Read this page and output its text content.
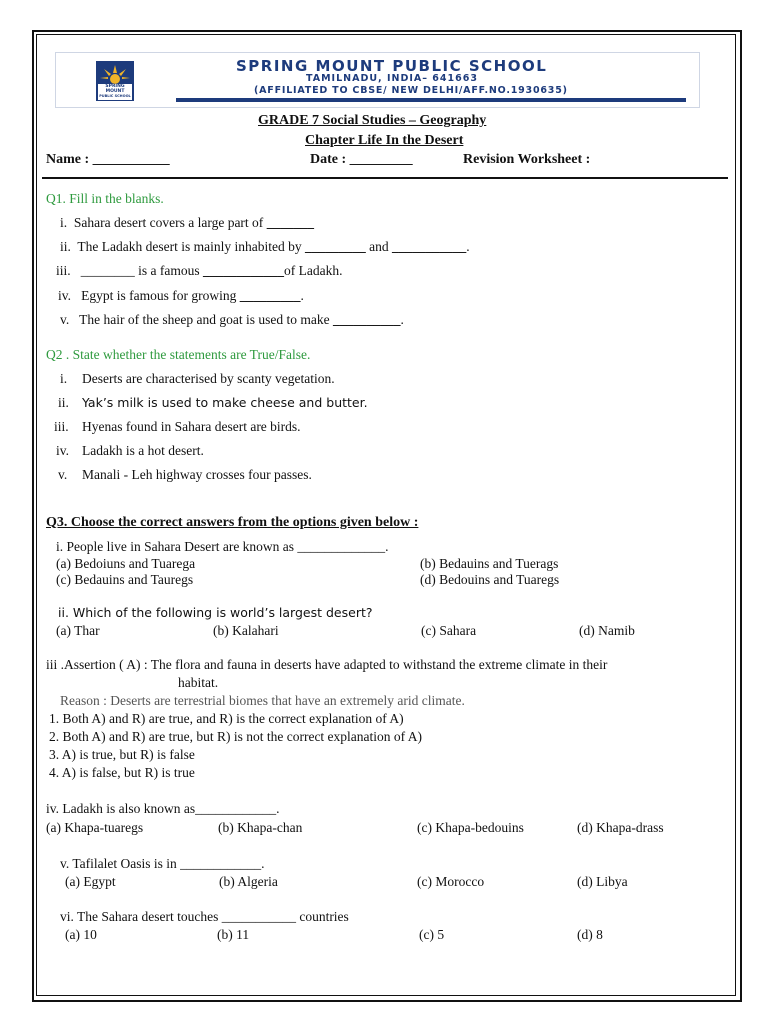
SPRING
MOUNT
PUBLIC SCHOOL
SPRING MOUNT PUBLIC SCHOOL
TAMILNADU, INDIA– 641663
(AFFILIATED TO CBSE/ NEW DELHI/AFF.NO.1930635)
GRADE 7 Social Studies – Geography
Chapter Life In the Desert
Name : ___________	Date : _________	Revision Worksheet :
Q1. Fill in the blanks.
i. Sahara desert covers a large part of _______
ii. The Ladakh desert is mainly inhabited by _________ and ___________.
iii. ________ is a famous ____________of Ladakh.
iv. Egypt is famous for growing _________.
v. The hair of the sheep and goat is used to make __________.
Q2 . State whether the statements are True/False.
i. Deserts are characterised by scanty vegetation.
ii. Yak’s milk is used to make cheese and butter.
iii. Hyenas found in Sahara desert are birds.
iv. Ladakh is a hot desert.
v. Manali - Leh highway crosses four passes.
Q3. Choose the correct answers from the options given below :
i. People live in Sahara Desert are known as _____________.
(a) Bedoiuns and Tuarega	(b) Bedauins and Tuerags
(c) Bedauins and Tauregs	(d) Bedouins and Tuaregs
ii. Which of the following is world’s largest desert?
(a) Thar	(b) Kalahari	(c) Sahara	(d) Namib
iii .Assertion ( A) : The flora and fauna in deserts have adapted to withstand the extreme climate in their
habitat.
Reason : Deserts are terrestrial biomes that have an extremely arid climate.
1. Both A) and R) are true, and R) is the correct explanation of A)
2. Both A) and R) are true, but R) is not the correct explanation of A)
3. A) is true, but R) is false
4. A) is false, but R) is true
iv. Ladakh is also known as____________.
(a) Khapa-tuaregs	(b) Khapa-chan	(c) Khapa-bedouins	(d) Khapa-drass
v. Tafilalet Oasis is in ____________.
(a) Egypt	(b) Algeria	(c) Morocco	(d) Libya
vi. The Sahara desert touches ___________ countries
(a) 10	(b) 11	(c) 5	(d) 8
